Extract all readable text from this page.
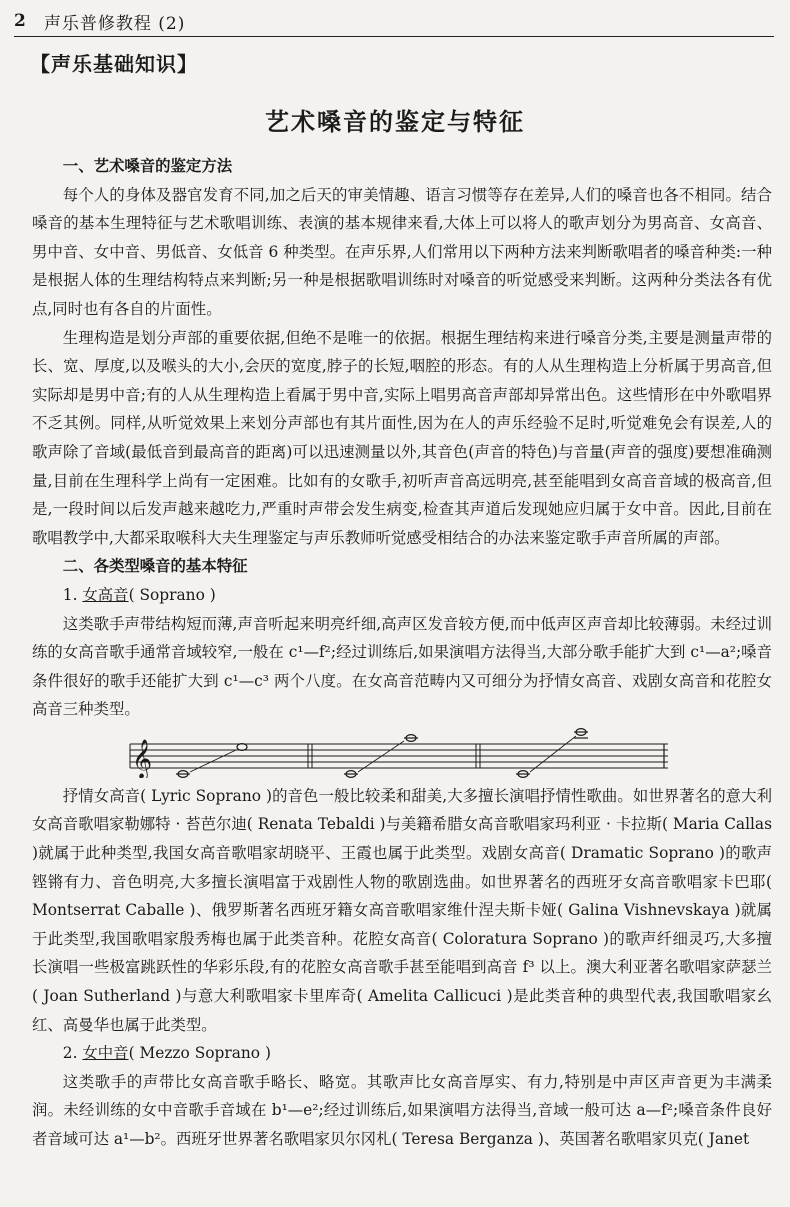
2 声乐普修教程 (2)
【声乐基础知识】
艺术嗓音的鉴定与特征
一、艺术嗓音的鉴定方法

每个人的身体及器官发育不同,加之后天的审美情趣、语言习惯等存在差异,人们的嗓音也各不相同。结合嗓音的基本生理特征与艺术歌唱训练、表演的基本规律来看,大体上可以将人的歌声划分为男高音、女高音、男中音、女中音、男低音、女低音 6 种类型。在声乐界,人们常用以下两种方法来判断歌唱者的嗓音种类:一种是根据人体的生理结构特点来判断;另一种是根据歌唱训练时对嗓音的听觉感受来判断。这两种分类法各有优点,同时也有各自的片面性。

生理构造是划分声部的重要依据,但绝不是唯一的依据。根据生理结构来进行嗓音分类,主要是测量声带的长、宽、厚度,以及喉头的大小,会厌的宽度,脖子的长短,咽腔的形态。有的人从生理构造上分析属于男高音,但实际却是男中音;有的人从生理构造上看属于男中音,实际上唱男高音声部却异常出色。这些情形在中外歌唱界不乏其例。同样,从听觉效果上来划分声部也有其片面性,因为在人的声乐经验不足时,听觉难免会有误差,人的歌声除了音域(最低音到最高音的距离)可以迅速测量以外,其音色(声音的特色)与音量(声音的强度)要想准确测量,目前在生理科学上尚有一定困难。比如有的女歌手,初听声音高远明亮,甚至能唱到女高音音域的极高音,但是,一段时间以后发声越来越吃力,严重时声带会发生病变,检查其声道后发现她应归属于女中音。因此,目前在歌唱教学中,大都采取喉科大夫生理鉴定与声乐教师听觉感受相结合的办法来鉴定歌手声音所属的声部。

二、各类型嗓音的基本特征
1. 女高音( Soprano )

这类歌手声带结构短而薄,声音听起来明亮纤细,高声区发音较方便,而中低声区声音却比较薄弱。未经过训练的女高音歌手通常音域较窄,一般在 c¹—f²;经过训练后,如果演唱方法得当,大部分歌手能扩大到 c¹—a²;嗓音条件很好的歌手还能扩大到 c¹—c³ 两个八度。在女高音范畴内又可细分为抒情女高音、戏剧女高音和花腔女高音三种类型。

𝄞

抒情女高音( Lyric Soprano )的音色一般比较柔和甜美,大多擅长演唱抒情性歌曲。如世界著名的意大利女高音歌唱家勒娜特 · 苔芭尔迪( Renata Tebaldi )与美籍希腊女高音歌唱家玛利亚 · 卡拉斯( Maria Callas )就属于此种类型,我国女高音歌唱家胡晓平、王霞也属于此类型。戏剧女高音( Dramatic Soprano )的歌声铿锵有力、音色明亮,大多擅长演唱富于戏剧性人物的歌剧选曲。如世界著名的西班牙女高音歌唱家卡巴耶( Montserrat Caballe )、俄罗斯著名西班牙籍女高音歌唱家维什涅夫斯卡娅( Galina Vishnevskaya )就属于此类型,我国歌唱家殷秀梅也属于此类音种。花腔女高音( Coloratura Soprano )的歌声纤细灵巧,大多擅长演唱一些极富跳跃性的华彩乐段,有的花腔女高音歌手甚至能唱到高音 f³ 以上。澳大利亚著名歌唱家萨瑟兰( Joan Sutherland )与意大利歌唱家卡里库奇( Amelita Callicuci )是此类音种的典型代表,我国歌唱家幺红、高曼华也属于此类型。

2. 女中音( Mezzo Soprano )

这类歌手的声带比女高音歌手略长、略宽。其歌声比女高音厚实、有力,特别是中声区声音更为丰满柔润。未经训练的女中音歌手音域在 b¹—e²;经过训练后,如果演唱方法得当,音域一般可达 a—f²;嗓音条件良好者音域可达 a¹—b²。西班牙世界著名歌唱家贝尔冈札( Teresa Berganza )、英国著名歌唱家贝克( Janet
